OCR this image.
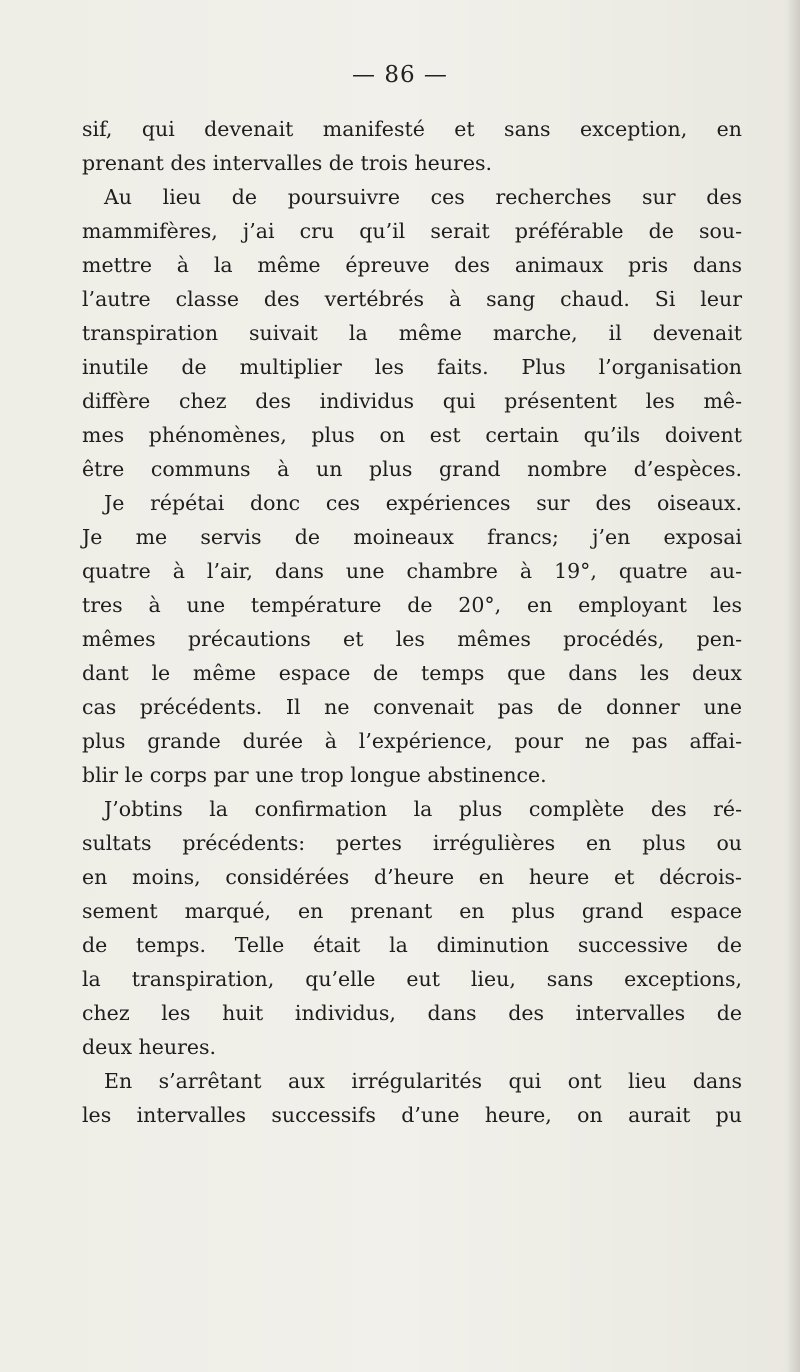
— 86 —
sif, qui devenait manifesté et sans exception, en
prenant des intervalles de trois heures.
Au lieu de poursuivre ces recherches sur des
mammifères, j’ai cru qu’il serait préférable de sou-
mettre à la même épreuve des animaux pris dans
l’autre classe des vertébrés à sang chaud. Si leur
transpiration suivait la même marche, il devenait
inutile de multiplier les faits. Plus l’organisation
diffère chez des individus qui présentent les mê-
mes phénomènes, plus on est certain qu’ils doivent
être communs à un plus grand nombre d’espèces.
Je répétai donc ces expériences sur des oiseaux.
Je me servis de moineaux francs; j’en exposai
quatre à l’air, dans une chambre à 19°, quatre au-
tres à une température de 20°, en employant les
mêmes précautions et les mêmes procédés, pen-
dant le même espace de temps que dans les deux
cas précédents. Il ne convenait pas de donner une
plus grande durée à l’expérience, pour ne pas affai-
blir le corps par une trop longue abstinence.
J’obtins la confirmation la plus complète des ré-
sultats précédents: pertes irrégulières en plus ou
en moins, considérées d’heure en heure et décrois-
sement marqué, en prenant en plus grand espace
de temps. Telle était la diminution successive de
la transpiration, qu’elle eut lieu, sans exceptions,
chez les huit individus, dans des intervalles de
deux heures.
En s’arrêtant aux irrégularités qui ont lieu dans
les intervalles successifs d’une heure, on aurait pu
